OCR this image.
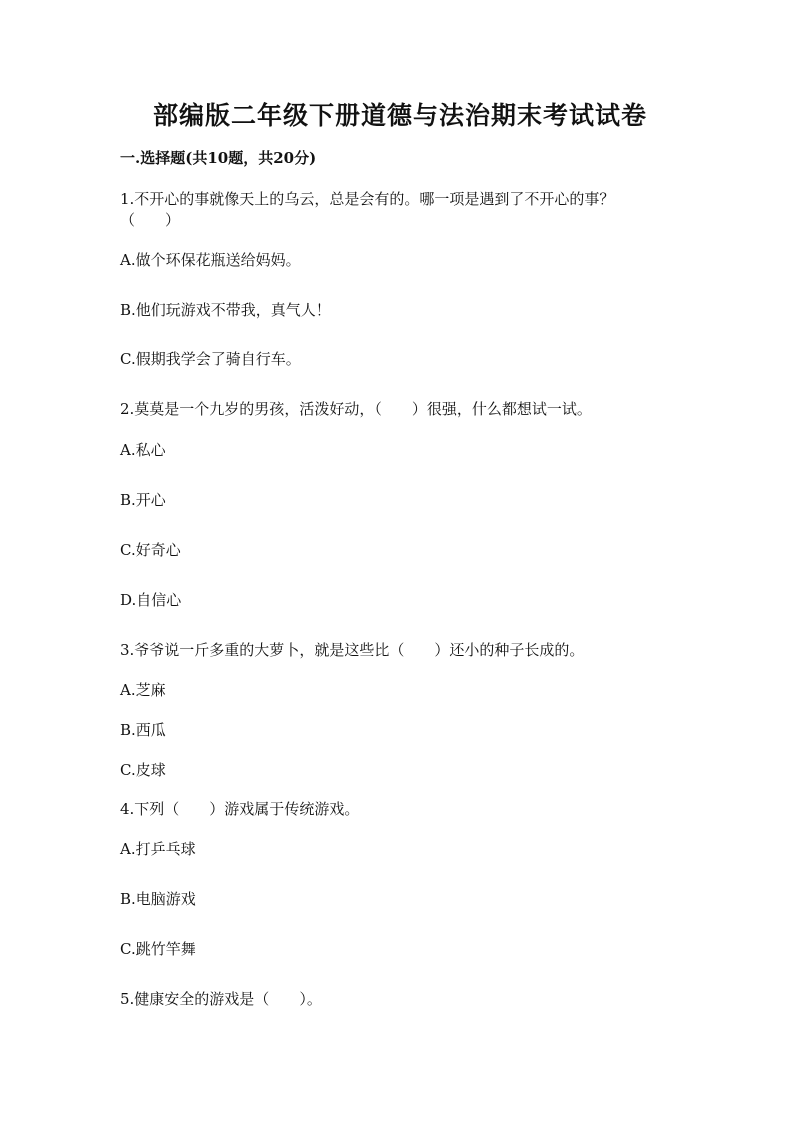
部编版二年级下册道德与法治期末考试试卷
一.选择题(共10题，共20分)
1.不开心的事就像天上的乌云，总是会有的。哪一项是遇到了不开心的事？
（　　）
A.做个环保花瓶送给妈妈。
B.他们玩游戏不带我，真气人！
C.假期我学会了骑自行车。
2.莫莫是一个九岁的男孩，活泼好动，（　　）很强，什么都想试一试。
A.私心
B.开心
C.好奇心
D.自信心
3.爷爷说一斤多重的大萝卜，就是这些比（　　）还小的种子长成的。
A.芝麻
B.西瓜
C.皮球
4.下列（　　）游戏属于传统游戏。
A.打乒乓球
B.电脑游戏
C.跳竹竿舞
5.健康安全的游戏是（　　）。
